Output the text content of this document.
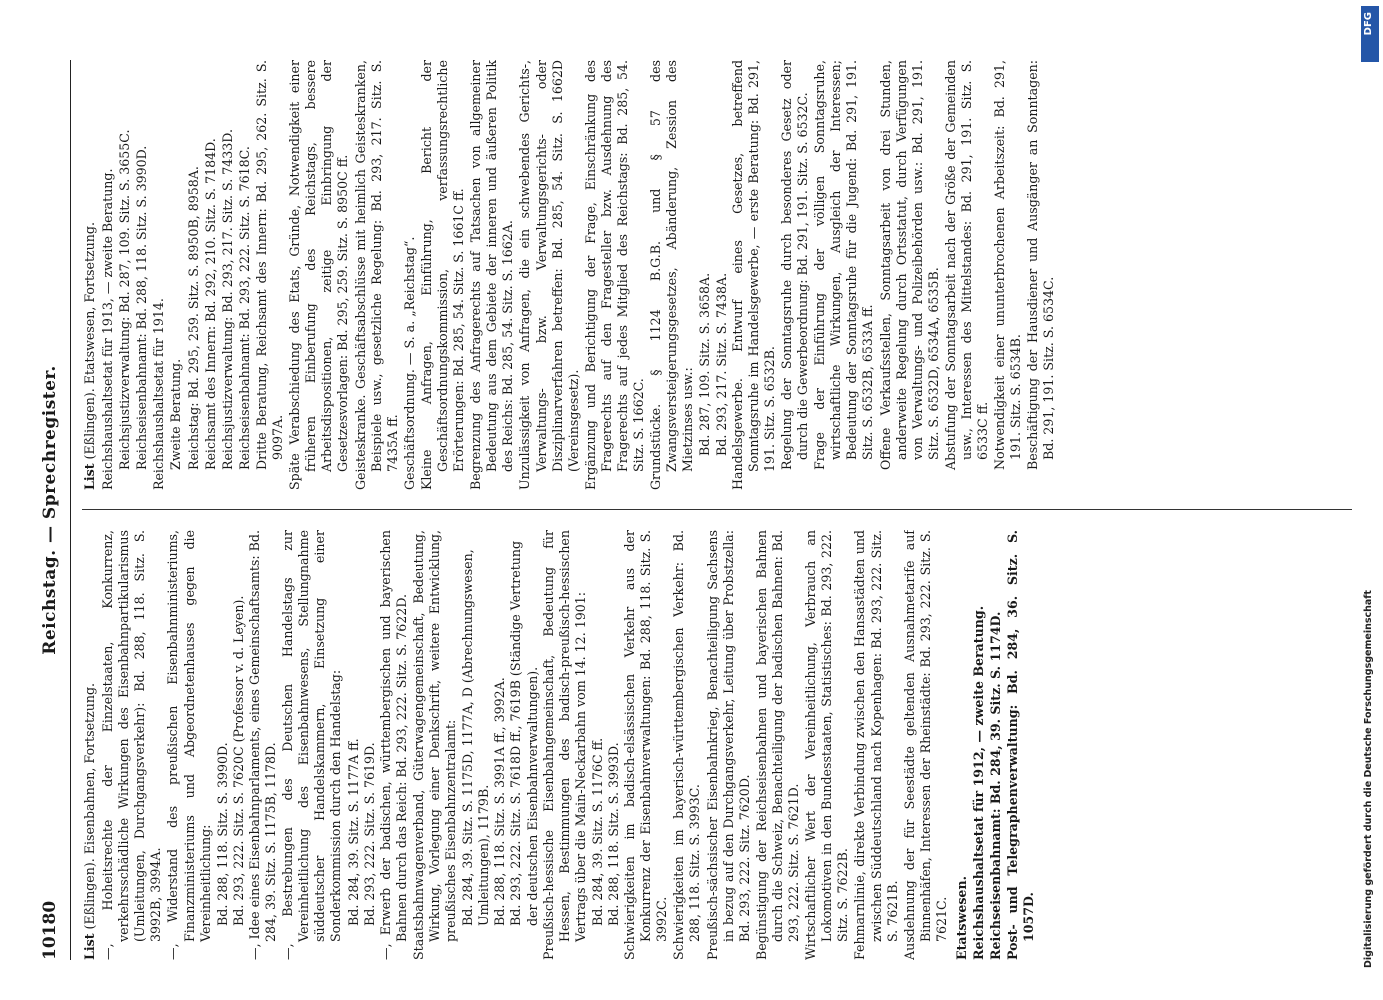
10180
Reichstag. — Sprechregister.
List (Eßlingen). Eisenbahnen, Fortsetzung. —, Hoheitsrechte der Einzelstaaten, Konkurrenz, verkehrsschädliche Wirkungen des Eisenbahnpartikularismus (Umleitungen, Durchgangsverkehr): Bd. 288, 118. Sitz. S. 3992B, 3994A. —, Widerstand des preußischen Eisenbahnministeriums, Finanzministeriums und Abgeordnetenhauses gegen die Vereinheitlichung: Bd. 288, 118. Sitz. S. 3990D. Bd. 293, 222. Sitz. S. 7620C (Professor v. d. Leyen). —, Idee eines Eisenbahnparlaments, eines Gemeinschaftsamts: Bd. 284, 39. Sitz. S. 1175B, 1178D. —, Bestrebungen des Deutschen Handelstags zur Vereinheitlichung des Eisenbahnwesens, Stellungnahme süddeutscher Handelskammern, Einsetzung einer Sonderkommission durch den Handelstag: Bd. 284, 39. Sitz. S. 1177A ff. Bd. 293, 222. Sitz. S. 7619D. —, Erwerb der badischen, württembergischen und bayerischen Bahnen durch das Reich: Bd. 293, 222. Sitz. S. 7622D. Staatsbahnwagenverband, Güterwagengemeinschaft, Bedeutung, Wirkung, Vorlegung einer Denkschrift, weitere Entwicklung, preußisches Eisenbahnzentralamt: Bd. 284, 39. Sitz. S. 1175D, 1177A, D (Abrechnungswesen, Umleitungen), 1179B. Bd. 288, 118. Sitz. S. 3991A ff., 3992A. Bd. 293, 222. Sitz. S. 7618D ff., 7619B (Ständige Vertretung der deutschen Eisenbahnverwaltungen). Preußisch-hessische Eisenbahngemeinschaft, Bedeutung für Hessen, Bestimmungen des badisch-preußisch-hessischen Vertrags über die Main-Neckarbahn vom 14. 12. 1901: Bd. 284, 39. Sitz. S. 1176C ff. Bd. 288, 118. Sitz. S. 3993D. Schwierigkeiten im badisch-elsässischen Verkehr aus der Konkurrenz der Eisenbahnverwaltungen: Bd. 288, 118. Sitz. S. 3992C. Schwierigkeiten im bayerisch-württembergischen Verkehr: Bd. 288, 118. Sitz. S. 3993C. Preußisch-sächsischer Eisenbahnkrieg, Benachteiligung Sachsens in bezug auf den Durchgangsverkehr, Leitung über Probstzella: Bd. 293, 222. Sitz. 7620D. Begünstigung der Reichseisenbahnen und bayerischen Bahnen durch die Schweiz, Benachteiligung der badischen Bahnen: Bd. 293, 222. Sitz. S. 7621D. Wirtschaftlicher Wert der Vereinheitlichung, Verbrauch an Lokomotiven in den Bundesstaaten, Statistisches: Bd. 293, 222. Sitz. S. 7622B. Fehmarnlinie, direkte Verbindung zwischen den Hansastädten und zwischen Süddeutschland nach Kopenhagen: Bd. 293, 222. Sitz. S. 7621B. Ausdehnung der für Seestädte geltenden Ausnahmetarife auf Binnenhäfen, Interessen der Rheinstädte: Bd. 293, 222. Sitz. S. 7621C. Etatswesen. Reichshaushaltsetat für 1912, — zweite Beratung. Reichseisenbahnamt: Bd. 284, 39. Sitz. S. 1174D. Post- und Telegraphenverwaltung: Bd. 284, 36. Sitz. S. 1057D.
List (Eßlingen). Etatswesen, Fortsetzung. Reichshaushaltsetat für 1913, — zweite Beratung. Reichsjustizverwaltung: Bd. 287, 109. Sitz. S. 3655C. Reichseisenbahnamt: Bd. 288, 118. Sitz. S. 3990D. Reichshaushaltsetat für 1914. Zweite Beratung. Reichstag: Bd. 295, 259. Sitz. S. 8950B, 8958A. Reichsamt des Innern: Bd. 292, 210. Sitz. S. 7184D. Reichsjustizverwaltung: Bd. 293, 217. Sitz. S. 7433D. Reichseisenbahnamt: Bd. 293, 222. Sitz. S. 7618C. Dritte Beratung, Reichsamt des Innern: Bd. 295, 262. Sitz. S. 9097A. Späte Verabschiedung des Etats, Gründe, Notwendigkeit einer früheren Einberufung des Reichstags, bessere Arbeitsdispositionen, zeitige Einbringung der Gesetzesvorlagen: Bd. 295, 259. Sitz. S. 8950C ff. Geisteskranke. Geschäftsabschlüsse mit heimlich Geisteskranken, Beispiele usw., gesetzliche Regelung: Bd. 293, 217. Sitz. S. 7435A ff. Geschäftsordnung. — S. a. „Reichstag“. Kleine Anfragen, Einführung, Bericht der Geschäftsordnungskommission, verfassungsrechtliche Erörterungen: Bd. 285, 54. Sitz. S. 1661C ff. Begrenzung des Anfragerechts auf Tatsachen von allgemeiner Bedeutung aus dem Gebiete der inneren und äußeren Politik des Reichs: Bd. 285, 54. Sitz. S. 1662A. Unzulässigkeit von Anfragen, die ein schwebendes Gerichts-, Verwaltungs- bzw. Verwaltungsgerichts- oder Disziplinarverfahren betreffen: Bd. 285, 54. Sitz. S. 1662D (Vereinsgesetz). Ergänzung und Berichtigung der Frage, Einschränkung des Fragerechts auf den Fragesteller bzw. Ausdehnung des Fragerechts auf jedes Mitglied des Reichstags: Bd. 285, 54. Sitz. S. 1662C. Grundstücke. § 1124 B.G.B. und § 57 des Zwangsversteigerungsgesetzes, Abänderung, Zession des Mietzinses usw.: Bd. 287, 109. Sitz. S. 3658A. Bd. 293, 217. Sitz. S. 7438A. Handelsgewerbe. Entwurf eines Gesetzes, betreffend Sonntagsruhe im Handelsgewerbe, — erste Beratung: Bd. 291, 191. Sitz. S. 6532B. Regelung der Sonntagsruhe durch besonderes Gesetz oder durch die Gewerbeordnung: Bd. 291, 191. Sitz. S. 6532C. Frage der Einführung der völligen Sonntagsruhe, wirtschaftliche Wirkungen, Ausgleich der Interessen; Bedeutung der Sonntagsruhe für die Jugend: Bd. 291, 191. Sitz. S. 6532B, 6533A ff. Offene Verkaufsstellen, Sonntagsarbeit von drei Stunden, anderweite Regelung durch Ortsstatut, durch Verfügungen von Verwaltungs- und Polizeibehörden usw.: Bd. 291, 191. Sitz. S. 6532D, 6534A, 6535B. Abstufung der Sonntagsarbeit nach der Größe der Gemeinden usw., Interessen des Mittelstandes: Bd. 291, 191. Sitz. S. 6533C ff. Notwendigkeit einer ununterbrochenen Arbeitszeit: Bd. 291, 191. Sitz. S. 6534B. Beschäftigung der Hausdiener und Ausgänger an Sonntagen: Bd. 291, 191. Sitz. S. 6534C.
DFG
Digitalisierung gefördert durch die Deutsche Forschungsgemeinschaft
